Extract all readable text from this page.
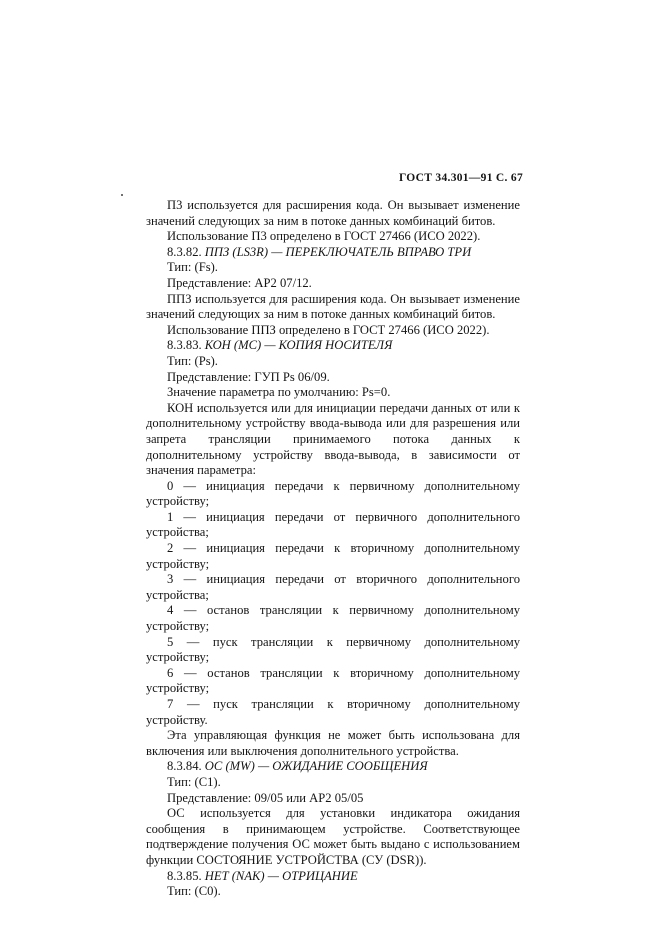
ГОСТ 34.301—91 С. 67

П3 используется для расширения кода. Он вызывает изменение значений следующих за ним в потоке данных комбинаций битов.

Использование П3 определено в ГОСТ 27466 (ИСО 2022).

8.3.82. ППЗ (LS3R) — ПЕРЕКЛЮЧАТЕЛЬ ВПРАВО ТРИ

Тип: (Fs).

Представление: АР2 07/12.

ППЗ используется для расширения кода. Он вызывает изменение значений следующих за ним в потоке данных комбинаций битов.

Использование ППЗ определено в ГОСТ 27466 (ИСО 2022).

8.3.83. КОН (МС) — КОПИЯ НОСИТЕЛЯ

Тип: (Ps).

Представление: ГУП Ps 06/09.

Значение параметра по умолчанию: Ps=0.

КОН используется или для инициации передачи данных от или к дополнительному устройству ввода-вывода или для разрешения или запрета трансляции принимаемого потока данных к дополнительному устройству ввода-вывода, в зависимости от значения параметра:

0 — инициация передачи к первичному дополнительному устройству;

1 — инициация передачи от первичного дополнительного устройства;

2 — инициация передачи к вторичному дополнительному устройству;

3 — инициация передачи от вторичного дополнительного устройства;

4 — останов трансляции к первичному дополнительному устройству;

5 — пуск трансляции к первичному дополнительному устройству;

6 — останов трансляции к вторичному дополнительному устройству;

7 — пуск трансляции к вторичному дополнительному устройству.

Эта управляющая функция не может быть использована для включения или выключения дополнительного устройства.

8.3.84. ОС (MW) — ОЖИДАНИЕ СООБЩЕНИЯ

Тип: (С1).

Представление: 09/05 или АР2 05/05

ОС используется для установки индикатора ожидания сообщения в принимающем устройстве. Соответствующее подтверждение получения ОС может быть выдано с использованием функции СОСТОЯНИЕ УСТРОЙСТВА (СУ (DSR)).

8.3.85. НЕТ (NAK) — ОТРИЦАНИЕ

Тип: (С0).
